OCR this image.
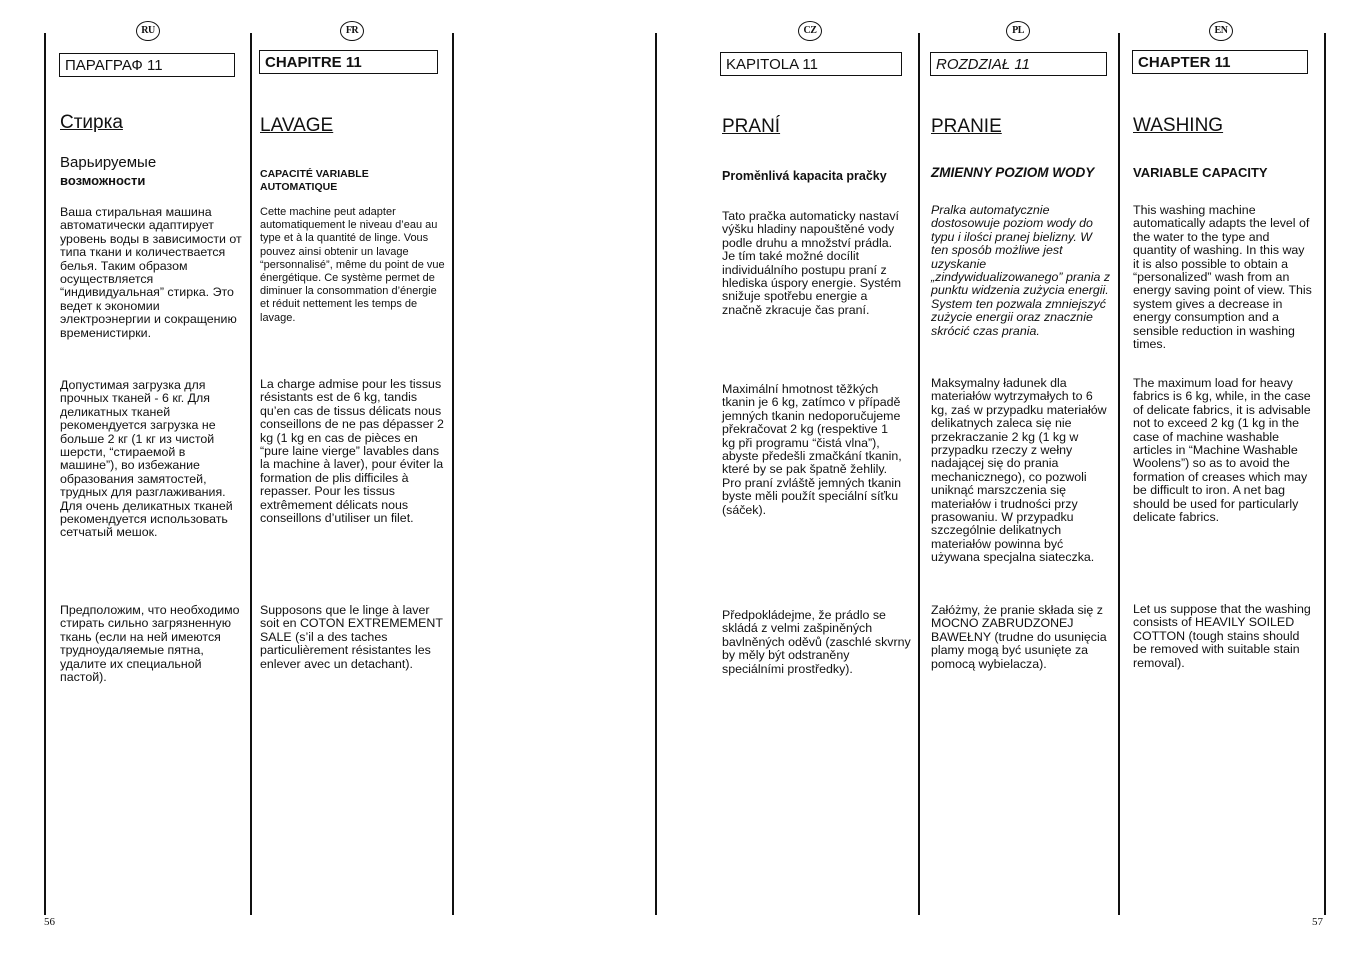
RU
ПАРАГРАФ 11
Стирка
Варьируемые
возможности
Ваша стиральная машина автоматически адаптирует уровень воды в зависимости от типа ткани и количествается белья. Таким образом осуществляется “индивидуальная” стирка. Это ведет к экономии электроэнергии и сокращению временистирки.
Допустимая загрузка для прочных тканей - 6 кг. Для деликатных тканей рекомендуется загрузка не больше 2 кг (1 кг из чистой шерсти, “стираемой в машине”), во избежание образования замятостей, трудных для разглаживания. Для очень деликатных тканей рекомендуется использовать сетчатый мешок.
Предположим, что необходимо стирать сильно загрязненную ткань (если на ней имеются трудноудаляемые пятна, удалите их специальной пастой).
FR
CHAPITRE 11
LAVAGE
CAPACITÉ VARIABLE
AUTOMATIQUE
Cette machine peut adapter automatiquement le niveau d’eau au type et à la quantité de linge. Vous pouvez ainsi obtenir un lavage “personnalisé”, même du point de vue énergétique. Ce système permet de diminuer la consommation d’énergie et réduit nettement les temps de lavage.
La charge admise pour les tissus résistants est de 6 kg, tandis qu’en cas de tissus délicats nous conseillons de ne pas dépasser 2 kg (1 kg en cas de pièces en “pure laine vierge” lavables dans la machine à laver), pour éviter la formation de plis difficiles à repasser. Pour les tissus extrêmement délicats nous conseillons d’utiliser un filet.
Supposons que le linge à laver soit en COTON EXTREMEMENT SALE (s’il a des taches particulièrement résistantes les enlever avec un detachant).
CZ
KAPITOLA 11
PRANÍ
Proměnlivá kapacita pračky
Tato pračka automaticky nastaví výšku hladiny napouštěné vody podle druhu a množství prádla. Je tím také možné docílit individuálního postupu praní z hlediska úspory energie. Systém snižuje spotřebu energie a značně zkracuje čas praní.
Maximální hmotnost těžkých tkanin je 6 kg, zatímco v případě jemných tkanin nedoporučujeme překračovat 2 kg (respektive 1 kg při programu “čistá vlna”), abyste předešli zmačkání tkanin, které by se pak špatně žehlily. Pro praní zvláště jemných tkanin byste měli použít speciální síťku (sáček).
Předpokládejme, že prádlo se skládá z velmi zašpiněných bavlněných oděvů (zaschlé skvrny by měly být odstraněny speciálními prostředky).
PL
ROZDZIAŁ 11
PRANIE
ZMIENNY POZIOM WODY
Pralka automatycznie dostosowuje poziom wody do typu i ilości pranej bielizny. W ten sposób możliwe jest uzyskanie „zindywidualizowanego” prania z punktu widzenia zużycia energii. System ten pozwala zmniejszyć zużycie energii oraz znacznie skrócić czas prania.
Maksymalny ładunek dla materiałów wytrzymałych to 6 kg, zaś w przypadku materiałów delikatnych zaleca się nie przekraczanie 2 kg (1 kg w przypadku rzeczy z wełny nadającej się do prania mechanicznego), co pozwoli uniknąć marszczenia się materiałów i trudności przy prasowaniu. W przypadku szczególnie delikatnych materiałów powinna być używana specjalna siateczka.
Załóżmy, że pranie składa się z MOCNO ZABRUDZONEJ BAWEŁNY (trudne do usunięcia plamy mogą być usunięte za pomocą wybielacza).
EN
CHAPTER 11
WASHING
VARIABLE CAPACITY
This washing machine automatically adapts the level of the water to the type and quantity of washing. In this way it is also possible to obtain a “personalized” wash from an energy saving point of view. This system gives a decrease in energy consumption and a sensible reduction in washing times.
The maximum load for heavy fabrics is 6 kg, while, in the case of delicate fabrics, it is advisable not to exceed 2 kg (1 kg in the case of machine washable articles in “Machine Washable Woolens”) so as to avoid the formation of creases which may be difficult to iron. A net bag should be used for particularly delicate fabrics.
Let us suppose that the washing consists of HEAVILY SOILED COTTON (tough stains should be removed with suitable stain removal).
56	57
